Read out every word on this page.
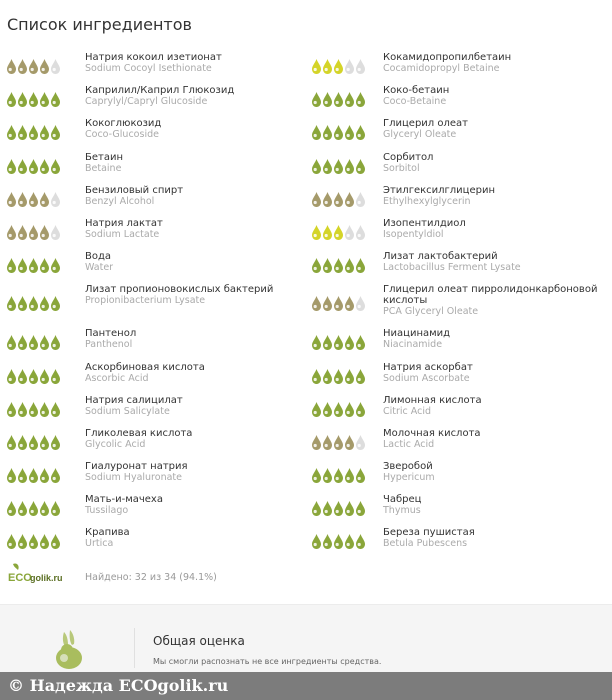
Список ингредиентов
Натрия кокоил изетионат
Sodium Cocoyl Isethionate
Каприлил/Каприл Глюкозид
Caprylyl/Capryl Glucoside
Кокоглюкозид
Coco-Glucoside
Бетаин
Betaine
Бензиловый спирт
Benzyl Alcohol
Натрия лактат
Sodium Lactate
Вода
Water
Лизат пропионовокислых бактерий
Propionibacterium Lysate
Пантенол
Panthenol
Аскорбиновая кислота
Ascorbic Acid
Натрия салицилат
Sodium Salicylate
Гликолевая кислота
Glycolic Acid
Гиалуронат натрия
Sodium Hyaluronate
Мать-и-мачеха
Tussilago
Крапива
Urtica
Кокамидопропилбетаин
Cocamidopropyl Betaine
Коко-бетаин
Coco-Betaine
Глицерил олеат
Glyceryl Oleate
Сорбитол
Sorbitol
Этилгексилглицерин
Ethylhexylglycerin
Изопентилдиол
Isopentyldiol
Лизат лактобактерий
Lactobacillus Ferment Lysate
Глицерил олеат пирролидонкарбоновой кислоты
PCA Glyceryl Oleate
Ниацинамид
Niacinamide
Натрия аскорбат
Sodium Ascorbate
Лимонная кислота
Citric Acid
Молочная кислота
Lactic Acid
Зверобой
Hypericum
Чабрец
Thymus
Береза пушистая
Betula Pubescens
ECO
golik.ru Найдено: 32 из 34 (94.1%)
Общая оценка
Мы смогли распознать не все ингредиенты средства.
© Надежда ECOgolik.ru
